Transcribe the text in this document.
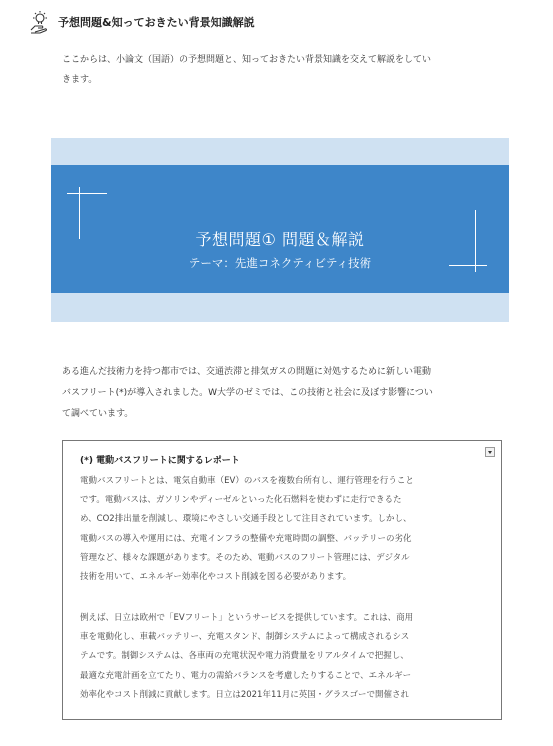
予想問題&知っておきたい背景知識解説
ここからは、小論文（国語）の予想問題と、知っておきたい背景知識を交えて解説をしてい
きます。
予想問題① 問題＆解説
テーマ：先進コネクティビティ技術
ある進んだ技術力を持つ都市では、交通渋滞と排気ガスの問題に対処するために新しい電動
バスフリート(*)が導入されました。W大学のゼミでは、この技術と社会に及ぼす影響につい
て調べています。
(*) 電動バスフリートに関するレポート
電動バスフリートとは、電気自動車（EV）のバスを複数台所有し、運行管理を行うこと
です。電動バスは、ガソリンやディーゼルといった化石燃料を使わずに走行できるた
め、CO2排出量を削減し、環境にやさしい交通手段として注目されています。しかし、
電動バスの導入や運用には、充電インフラの整備や充電時間の調整、バッテリーの劣化
管理など、様々な課題があります。そのため、電動バスのフリート管理には、デジタル
技術を用いて、エネルギー効率化やコスト削減を図る必要があります。
例えば、日立は欧州で「EVフリート」というサービスを提供しています。これは、商用
車を電動化し、車載バッテリー、充電スタンド、制御システムによって構成されるシス
テムです。制御システムは、各車両の充電状況や電力消費量をリアルタイムで把握し、
最適な充電計画を立てたり、電力の需給バランスを考慮したりすることで、エネルギー
効率化やコスト削減に貢献します。日立は2021年11月に英国・グラスゴーで開催され
